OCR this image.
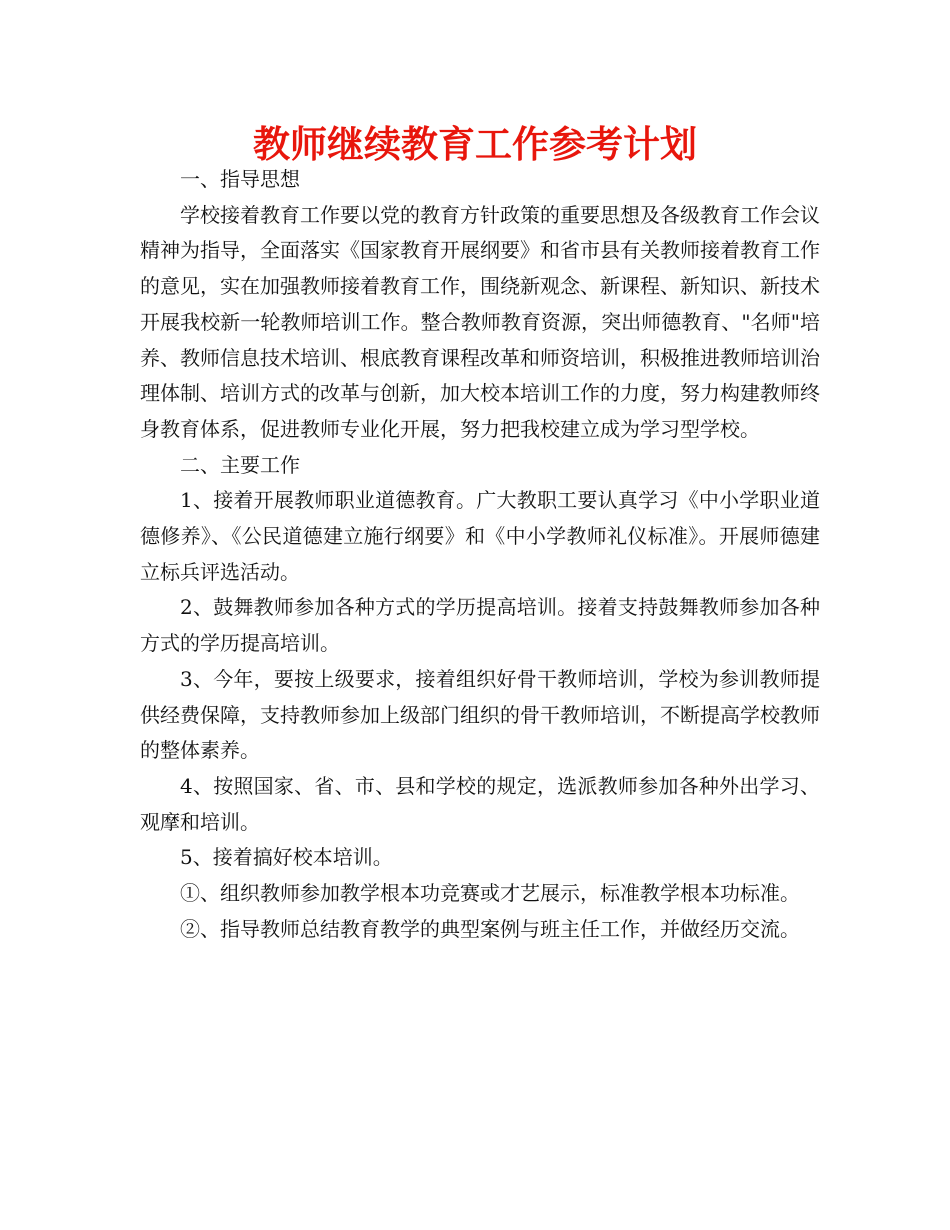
教师继续教育工作参考计划

一、指导思想

学校接着教育工作要以党的教育方针政策的重要思想及各级教育工作会议精神为指导，全面落实《国家教育开展纲要》和省市县有关教师接着教育工作的意见，实在加强教师接着教育工作，围绕新观念、新课程、新知识、新技术开展我校新一轮教师培训工作。整合教师教育资源，突出师德教育、"名师"培养、教师信息技术培训、根底教育课程改革和师资培训，积极推进教师培训治理体制、培训方式的改革与创新，加大校本培训工作的力度，努力构建教师终身教育体系，促进教师专业化开展，努力把我校建立成为学习型学校。

二、主要工作

1、接着开展教师职业道德教育。广大教职工要认真学习《中小学职业道德修养》、《公民道德建立施行纲要》和《中小学教师礼仪标准》。开展师德建立标兵评选活动。

2、鼓舞教师参加各种方式的学历提高培训。接着支持鼓舞教师参加各种方式的学历提高培训。

3、今年，要按上级要求，接着组织好骨干教师培训，学校为参训教师提供经费保障，支持教师参加上级部门组织的骨干教师培训，不断提高学校教师的整体素养。

4、按照国家、省、市、县和学校的规定，选派教师参加各种外出学习、观摩和培训。

5、接着搞好校本培训。

①、组织教师参加教学根本功竞赛或才艺展示，标准教学根本功标准。

②、指导教师总结教育教学的典型案例与班主任工作，并做经历交流。
